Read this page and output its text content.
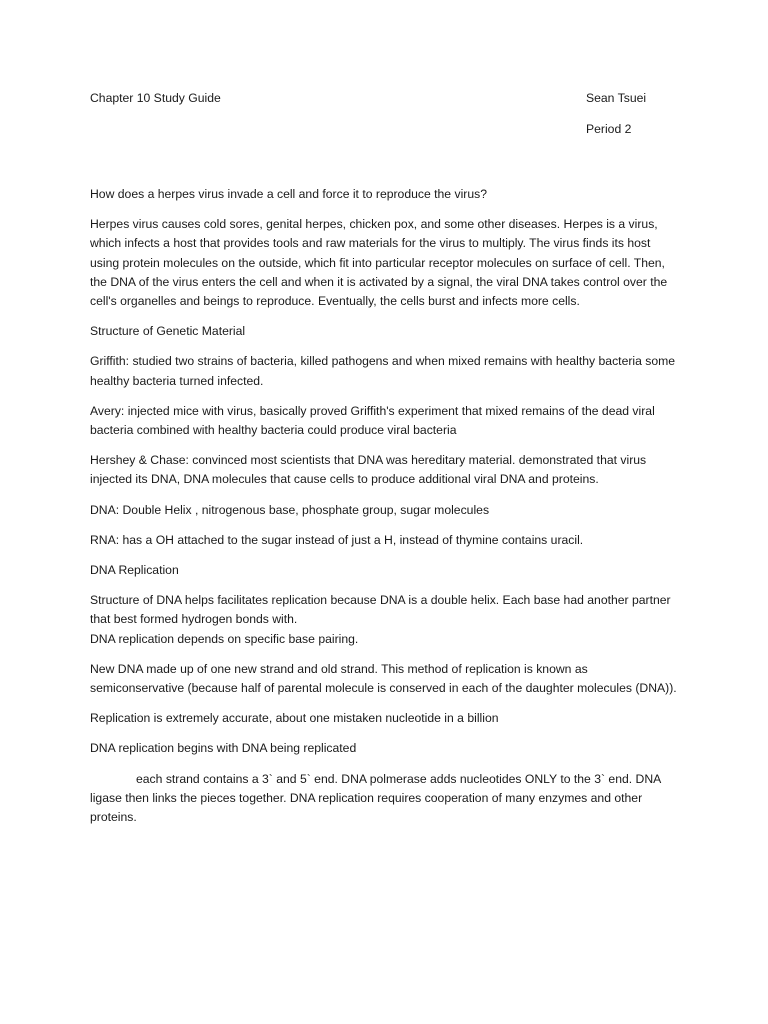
Chapter 10 Study Guide	Sean Tsuei
Period 2

How does a herpes virus invade a cell and force it to reproduce the virus?

Herpes virus causes cold sores, genital herpes, chicken pox, and some other diseases. Herpes is a virus, which infects a host that provides tools and raw materials for the virus to multiply. The virus finds its host using protein molecules on the outside, which fit into particular receptor molecules on surface of cell. Then, the DNA of the virus enters the cell and when it is activated by a signal, the viral DNA takes control over the cell's organelles and beings to reproduce. Eventually, the cells burst and infects more cells.

Structure of Genetic Material

Griffith: studied two strains of bacteria, killed pathogens and when mixed remains with healthy bacteria some healthy bacteria turned infected.

Avery: injected mice with virus, basically proved Griffith's experiment that mixed remains of the dead viral bacteria combined with healthy bacteria could produce viral bacteria

Hershey & Chase: convinced most scientists that DNA was hereditary material. demonstrated that virus injected its DNA, DNA molecules that cause cells to produce additional viral DNA and proteins.

DNA: Double Helix , nitrogenous base, phosphate group, sugar molecules

RNA: has a OH attached to the sugar instead of just a H, instead of thymine contains uracil.

DNA Replication

Structure of DNA helps facilitates replication because DNA is a double helix. Each base had another partner that best formed hydrogen bonds with.
DNA replication depends on specific base pairing.

New DNA made up of one new strand and old strand. This method of replication is known as semiconservative (because half of parental molecule is conserved in each of the daughter molecules (DNA)).

Replication is extremely accurate, about one mistaken nucleotide in a billion

DNA replication begins with DNA being replicated

each strand contains a 3` and 5` end. DNA polmerase adds nucleotides ONLY to the 3` end. DNA ligase then links the pieces together. DNA replication requires cooperation of many enzymes and other proteins.
